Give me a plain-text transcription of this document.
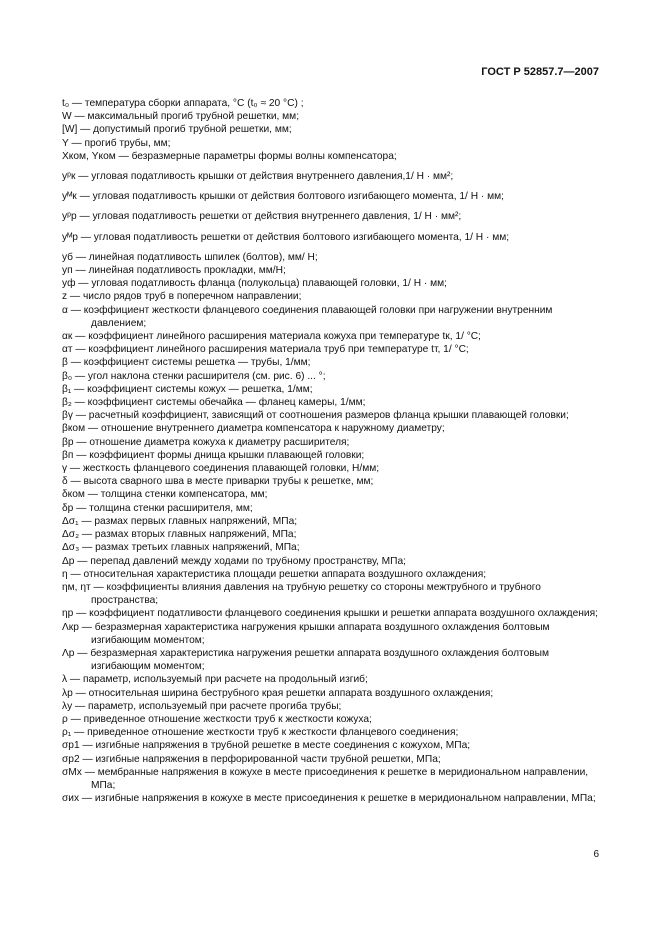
ГОСТ Р 52857.7—2007
t₀ — температура сборки аппарата, °С (t₀ ≈ 20 °С) ;
W — максимальный прогиб трубной решетки, мм;
[W] — допустимый прогиб трубной решетки, мм;
Y — прогиб трубы, мм;
Xком, Yком — безразмерные параметры формы волны компенсатора;
yᵖк — угловая податливость крышки от действия внутреннего давления,1/ Н · мм²;
yᴹк — угловая податливость крышки от действия болтового изгибающего момента, 1/ Н · мм;
yᵖр — угловая податливость решетки от действия внутреннего давления, 1/ Н · мм²;
yᴹр — угловая податливость решетки от действия болтового изгибающего момента, 1/ Н · мм;
yб — линейная податливость шпилек (болтов), мм/ Н;
yп — линейная податливость прокладки, мм/Н;
yф — угловая податливость фланца (полукольца) плавающей головки, 1/ Н · мм;
z — число рядов труб в поперечном направлении;
α — коэффициент жесткости фланцевого соединения плавающей головки при нагружении внутренним давлением;
αк — коэффициент линейного расширения материала кожуха при температуре tк, 1/ °С;
αт — коэффициент линейного расширения материала труб при температуре tт, 1/ °С;
β — коэффициент системы решетка — трубы, 1/мм;
β₀ — угол наклона стенки расширителя (см. рис. 6) ... °;
β₁ — коэффициент системы кожух — решетка, 1/мм;
β₂ — коэффициент системы обечайка — фланец камеры, 1/мм;
βγ — расчетный коэффициент, зависящий от соотношения размеров фланца крышки плавающей головки;
βком — отношение внутреннего диаметра компенсатора к наружному диаметру;
βр — отношение диаметра кожуха к диаметру расширителя;
βп — коэффициент формы днища крышки плавающей головки;
γ — жесткость фланцевого соединения плавающей головки, Н/мм;
δ — высота сварного шва в месте приварки трубы к решетке, мм;
δком — толщина стенки компенсатора, мм;
δр — толщина стенки расширителя, мм;
Δσ₁ — размах первых главных напряжений, МПа;
Δσ₂ — размах вторых главных напряжений, МПа;
Δσ₃ — размах третьих главных напряжений, МПа;
Δp — перепад давлений между ходами по трубному пространству, МПа;
η — относительная характеристика площади решетки аппарата воздушного охлаждения;
ηм, ηт — коэффициенты влияния давления на трубную решетку со стороны межтрубного и трубного пространства;
ηр — коэффициент податливости фланцевого соединения крышки и решетки аппарата воздушного охлаждения;
Λкр — безразмерная характеристика нагружения крышки аппарата воздушного охлаждения болтовым изгибающим моментом;
Λр — безразмерная характеристика нагружения решетки аппарата воздушного охлаждения болтовым изгибающим моментом;
λ — параметр, используемый при расчете на продольный изгиб;
λр — относительная ширина беструбного края решетки аппарата воздушного охлаждения;
λу — параметр, используемый при расчете прогиба трубы;
ρ — приведенное отношение жесткости труб к жесткости кожуха;
ρ₁ — приведенное отношение жесткости труб к жесткости фланцевого соединения;
σр1 — изгибные напряжения в трубной решетке в месте соединения с кожухом, МПа;
σр2 — изгибные напряжения в перфорированной части трубной решетки, МПа;
σМх — мембранные напряжения в кожухе в месте присоединения к решетке в меридиональном направлении, МПа;
σих — изгибные напряжения в кожухе в месте присоединения к решетке в меридиональном направлении, МПа;
6
